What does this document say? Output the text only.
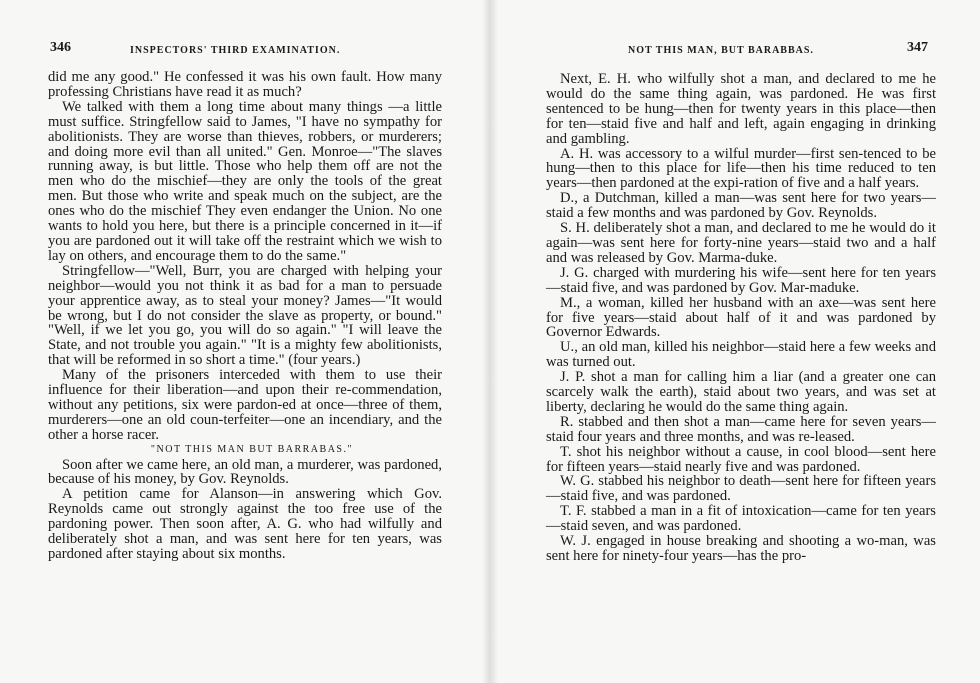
346	INSPECTORS' THIRD EXAMINATION.

did me any good." He confessed it was his own fault. How many professing Christians have read it as much?

We talked with them a long time about many things —a little must suffice. Stringfellow said to James, "I have no sympathy for abolitionists. They are worse than thieves, robbers, or murderers; and doing more evil than all united." Gen. Monroe—"The slaves running away, is but little. Those who help them off are not the men who do the mischief—they are only the tools of the great men. But those who write and speak much on the subject, are the ones who do the mischief They even endanger the Union. No one wants to hold you here, but there is a principle concerned in it—if you are pardoned out it will take off the restraint which we wish to lay on others, and encourage them to do the same."

Stringfellow—"Well, Burr, you are charged with helping your neighbor—would you not think it as bad for a man to persuade your apprentice away, as to steal your money? James—"It would be wrong, but I do not consider the slave as property, or bound." "Well, if we let you go, you will do so again." "I will leave the State, and not trouble you again." "It is a mighty few abolitionists, that will be reformed in so short a time." (four years.)

Many of the prisoners interceded with them to use their influence for their liberation—and upon their re-commendation, without any petitions, six were pardon-ed at once—three of them, murderers—one an old coun-terfeiter—one an incendiary, and the other a horse racer.

"NOT THIS MAN BUT BARRABAS."

Soon after we came here, an old man, a murderer, was pardoned, because of his money, by Gov. Reynolds.

A petition came for Alanson—in answering which Gov. Reynolds came out strongly against the too free use of the pardoning power. Then soon after, A. G. who had wilfully and deliberately shot a man, and was sent here for ten years, was pardoned after staying about six months.

NOT THIS MAN, BUT BARABBAS.	347

Next, E. H. who wilfully shot a man, and declared to me he would do the same thing again, was pardoned. He was first sentenced to be hung—then for twenty years in this place—then for ten—staid five and half and left, again engaging in drinking and gambling.

A. H. was accessory to a wilful murder—first sen-tenced to be hung—then to this place for life—then his time reduced to ten years—then pardoned at the expi-ration of five and a half years.

D., a Dutchman, killed a man—was sent here for two years—staid a few months and was pardoned by Gov. Reynolds.

S. H. deliberately shot a man, and declared to me he would do it again—was sent here for forty-nine years—staid two and a half and was released by Gov. Marma-duke.

J. G. charged with murdering his wife—sent here for ten years—staid five, and was pardoned by Gov. Mar-maduke.

M., a woman, killed her husband with an axe—was sent here for five years—staid about half of it and was pardoned by Governor Edwards.

U., an old man, killed his neighbor—staid here a few weeks and was turned out.

J. P. shot a man for calling him a liar (and a greater one can scarcely walk the earth), staid about two years, and was set at liberty, declaring he would do the same thing again.

R. stabbed and then shot a man—came here for seven years—staid four years and three months, and was re-leased.

T. shot his neighbor without a cause, in cool blood—sent here for fifteen years—staid nearly five and was pardoned.

W. G. stabbed his neighbor to death—sent here for fifteen years—staid five, and was pardoned.

T. F. stabbed a man in a fit of intoxication—came for ten years—staid seven, and was pardoned.

W. J. engaged in house breaking and shooting a wo-man, was sent here for ninety-four years—has the pro-
